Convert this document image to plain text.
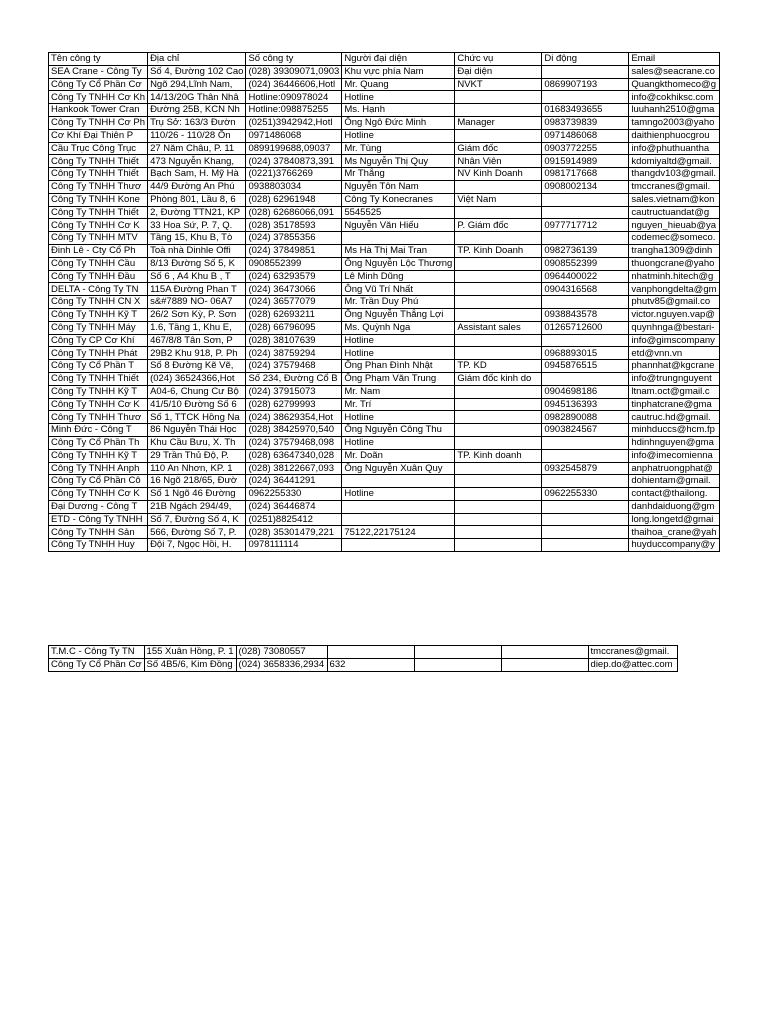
Tên công ty	Địa chỉ	Số công ty	Người đại diện	Chức vụ	Di động	Email
SEA Crane - Công Ty	Số 4, Đường 102 Cao	(028) 39309071,0903	Khu vực phía Nam	Đại diện		sales@seacrane.co
Công Ty Cổ Phần Cơ	Ngõ 294,Lĩnh Nam,	(024) 36446606,Hotl	Mr. Quang	NVKT	0869907193	Quangkthomeco@g
Công Ty TNHH Cơ Kh	14/13/20G Thân Nhâ	Hotline:090978024	Hotline			info@cokhiksc.com
Hankook Tower Cran	Đường 25B, KCN Nh	Hotline:098875255	Ms. Hạnh		01683493655	luuhanh2510@gma
Công Ty TNHH Cơ Ph	Trụ Sở: 163/3 Đườn	(0251)3942942,Hotl	Ông Ngô Đức Minh	Manager	0983739839	tamngo2003@yaho
Cơ Khí Đại Thiên P	110/26 - 110/28 Ôn	0971486068	Hotline		0971486068	daithienphuocgrou
Cầu Trục Công Trục	27 Năm Châu, P. 11	0899199688,09037	Mr. Tùng	Giám đốc	0903772255	info@phuthuantha
Công Ty TNHH Thiết	473 Nguyễn Khang,	(024) 37840873,391	Ms Nguyễn Thị Quy	Nhân Viên	0915914989	kdomiyaltd@gmail.
Công Ty TNHH Thiết	Bạch Sam, H. Mỹ Hà	(0221)3766269	Mr Thắng	NV Kinh Doanh	0981717668	thangdv103@gmail.
Công Ty TNHH Thươ	44/9 Đường An Phú	0938803034	Nguyễn Tôn Nam		0908002134	tmccranes@gmail.
Công Ty TNHH Kone	Phòng 801, Lầu 8, 6	(028) 62961948	Công Ty Konecranes	Việt Nam		sales.vietnam@kon
Công Ty TNHH Thiết	2, Đường TTN21, KP	(028) 62686066,091	5545525			cautructuandat@g
Công Ty TNHH Cơ K	33 Hoa Sứ, P. 7, Q.	(028) 35178593	Nguyễn Văn Hiếu	P. Giám đốc	0977717712	nguyen_hieuab@ya
Công Ty TNHH MTV	Tầng 15, Khu B, Tò	(024) 37855356				codemec@someco.
Đinh Lê - Cty Cổ Ph	Toà nhà Dinhle Offi	(024) 37849851	Ms Hà Thị Mai Tran	TP. Kinh Doanh	0982736139	trangha1309@dinh
Công Ty TNHH Cầu	8/13 Đường Số 5, K	0908552399	Ông Nguyễn Lộc Thương		0908552399	thuongcrane@yaho
Công Ty TNHH Đầu	Số 6 , A4 Khu B , T	(024) 63293579	Lê Minh Dũng		0964400022	nhatminh.hitech@g
DELTA - Công Ty TN	115A Đường Phan T	(024) 36473066	Ông Vũ Trí Nhất		0904316568	vanphongdelta@gm
Công Ty TNHH CN X	s&#7889 NO- 06A7	(024) 36577079	Mr. Trần Duy Phú			phutv85@gmail.co
Công Ty TNHH Kỹ T	26/2 Sơn Kỳ, P. Sơn	(028) 62693211	Ông Nguyễn Thắng Lợi		0938843578	victor.nguyen.vap@
Công Ty TNHH Máy	1.6, Tầng 1, Khu E,	(028) 66796095	Ms. Quỳnh Nga	Assistant sales	01265712600	quynhnga@bestari-
Công Ty CP Cơ Khí	467/8/8 Tân Sơn, P	(028) 38107639	Hotline			info@gimscompany
Công Ty TNHH Phát	29B2 Khu 918, P. Ph	(024) 38759294	Hotline		0968893015	etd@vnn.vn
Công Ty Cổ Phần T	Số 8 Đường Kẽ Vẽ,	(024) 37579468	Ông Phan Đình Nhật	TP. KD	0945876515	phannhat@kgcrane
Công Ty TNHH Thiết	(024) 36524366,Hot	Số 234, Đường Cổ B	Ông Phạm Văn Trung	Giám đốc kinh do		info@trungnguyent
Công Ty TNHH Kỹ T	A04-6, Chung Cư Bộ	(024) 37915073	Mr. Nam		0904698186	ltnam.oct@gmail.c
Công Ty TNHH Cơ K	41/5/10 Đường Số 6	(028) 62799993	Mr. Trí		0945136393	tinphatcrane@gma
Công Ty TNHH Thươ	Số 1, TTCK Hồng Na	(024) 38629354,Hot	Hotline		0982890088	cautruc.hd@gmail.
Minh Đức - Công T	86 Nguyễn Thái Học	(028) 38425970,540	Ông Nguyễn Công Thu		0903824567	minhduccs@hcm.fp
Công Ty Cổ Phần Th	Khu Cầu Bưu, X. Th	(024) 37579468,098	Hotline			hdinhnguyen@gma
Công Ty TNHH Kỹ T	29 Trần Thủ Độ, P.	(028) 63647340,028	Mr. Doãn	TP. Kinh doanh		info@imecomienna
Công Ty TNHH Anph	110 An Nhơn, KP. 1	(028) 38122667,093	Ông Nguyễn Xuân Quy		0932545879	anphatruongphat@
Công Ty Cổ Phần Cô	16 Ngõ 218/65, Đườ	(024) 36441291				dohientam@gmail.
Công Ty TNHH Cơ K	Số 1 Ngõ 46 Đường	0962255330	Hotline		0962255330	contact@thailong.
Đại Dương - Công T	21B Ngách 294/49,	(024) 36446874				danhdaiduong@gm
ETD - Công Ty TNHH	Số 7, Đường Số 4, K	(0251)8825412				long.longetd@gmai
Công Ty TNHH Sản	566, Đường Số 7, P.	(028) 35301479,221	75122,22175124			thaihoa_crane@yah
Công Ty TNHH Huy	Đội 7, Ngọc Hồi, H.	0978111114				huyduccompany@y
T.M.C - Công Ty TN	155 Xuân Hồng, P. 1	(028) 73080557				tmccranes@gmail.
Công Ty Cổ Phần Cơ	Số 4B5/6, Kim Đồng	(024) 3658336,2934	632			diep.do@attec.com
